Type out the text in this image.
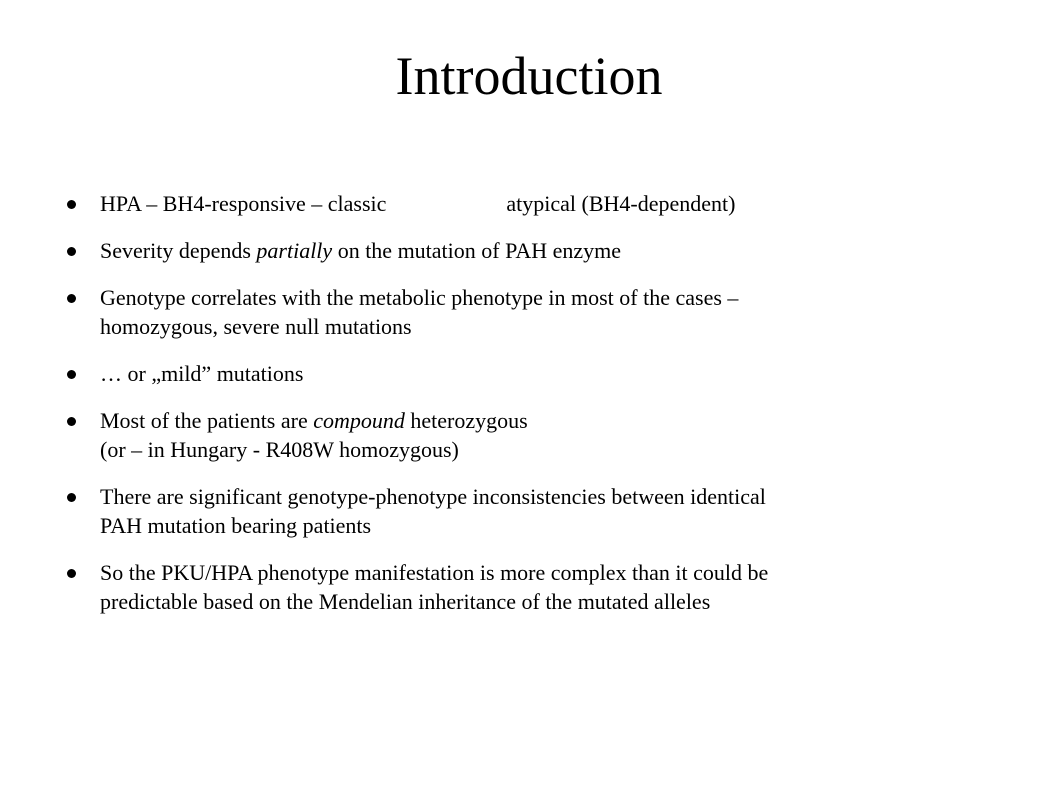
Introduction
HPA – BH4-responsive – classic	atypical (BH4-dependent)
Severity depends partially on the mutation of PAH enzyme
Genotype correlates with the metabolic phenotype in most of the cases –
homozygous, severe null mutations
… or „mild” mutations
Most of the patients are compound heterozygous
(or – in Hungary - R408W homozygous)
There are significant genotype-phenotype inconsistencies between identical
PAH mutation bearing patients
So the PKU/HPA phenotype manifestation is more complex than it could be
predictable based on the Mendelian inheritance of the mutated alleles
